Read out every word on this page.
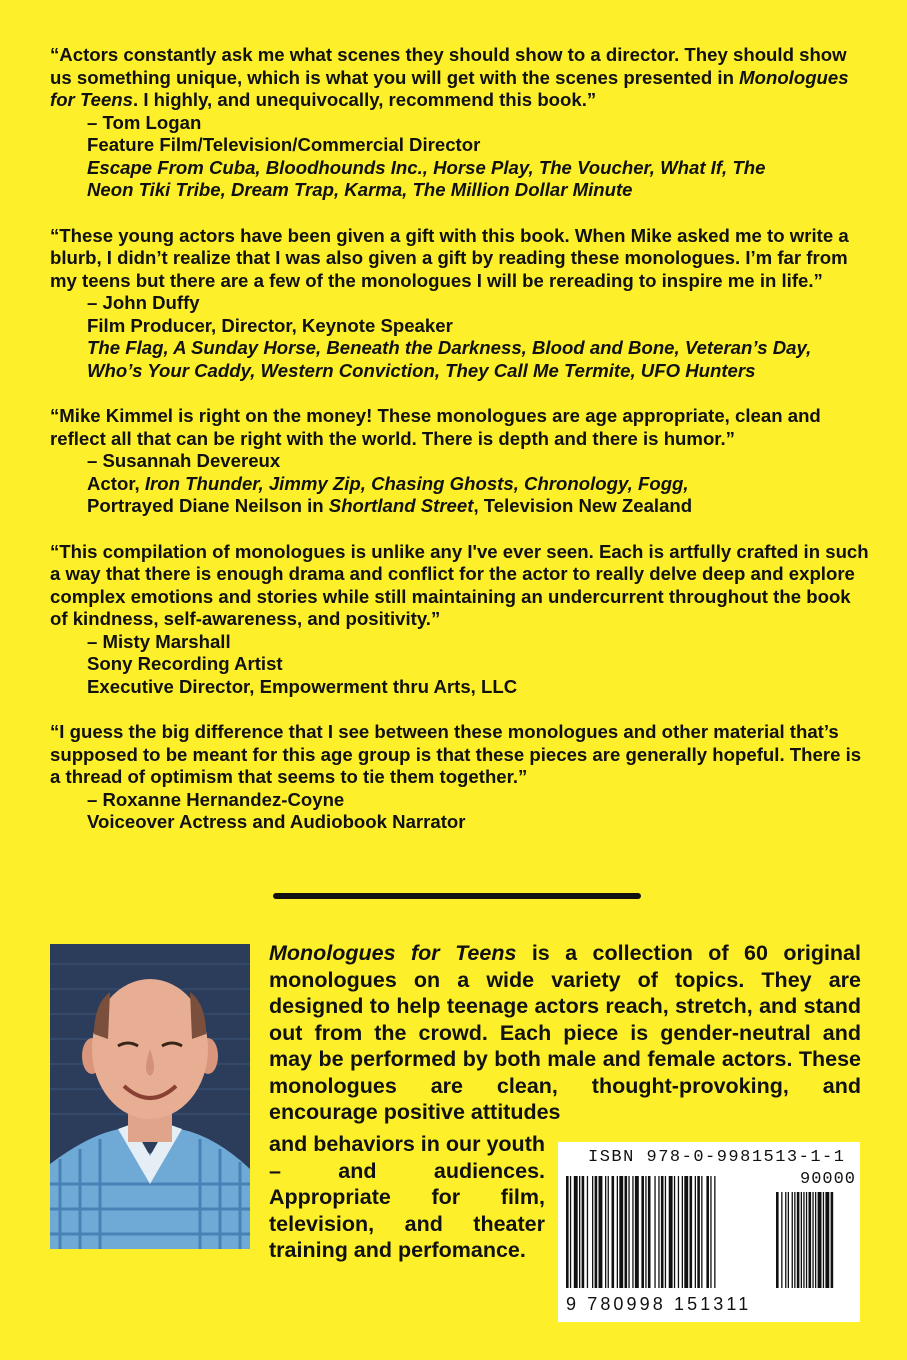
“Actors constantly ask me what scenes they should show to a director. They should show us something unique, which is what you will get with the scenes presented in Monologues for Teens. I highly, and unequivocally, recommend this book.”

– Tom Logan

Feature Film/Television/Commercial Director

Escape From Cuba, Bloodhounds Inc., Horse Play, The Voucher, What If, The Neon Tiki Tribe, Dream Trap, Karma, The Million Dollar Minute

“These young actors have been given a gift with this book. When Mike asked me to write a blurb, I didn’t realize that I was also given a gift by reading these monologues. I’m far from my teens but there are a few of the monologues I will be rereading to inspire me in life.”

– John Duffy

Film Producer, Director, Keynote Speaker

The Flag, A Sunday Horse, Beneath the Darkness, Blood and Bone, Veteran’s Day, Who’s Your Caddy, Western Conviction, They Call Me Termite, UFO Hunters

“Mike Kimmel is right on the money! These monologues are age appropriate, clean and reflect all that can be right with the world. There is depth and there is humor.”

– Susannah Devereux

Actor, Iron Thunder, Jimmy Zip, Chasing Ghosts, Chronology, Fogg,

Portrayed Diane Neilson in Shortland Street, Television New Zealand

“This compilation of monologues is unlike any I've ever seen. Each is artfully crafted in such a way that there is enough drama and conflict for the actor to really delve deep and explore complex emotions and stories while still maintaining an undercurrent throughout the book of kindness, self-awareness, and positivity.”

– Misty Marshall

Sony Recording Artist

Executive Director, Empowerment thru Arts, LLC

“I guess the big difference that I see between these monologues and other material that’s supposed to be meant for this age group is that these pieces are generally hopeful. There is a thread of optimism that seems to tie them together.”

– Roxanne Hernandez-Coyne

Voiceover Actress and Audiobook Narrator

Monologues for Teens is a collection of 60 original monologues on a wide variety of topics. They are designed to help teenage actors reach, stretch, and stand out from the crowd. Each piece is gender-neutral and may be performed by both male and female actors. These monologues are clean, thought-provoking, and encourage positive attitudes

and behaviors in our youth – and audiences. Appropriate for film, television, and theater training and perfomance.

ISBN 978-0-9981513-1-1
90000
9 780998 151311
